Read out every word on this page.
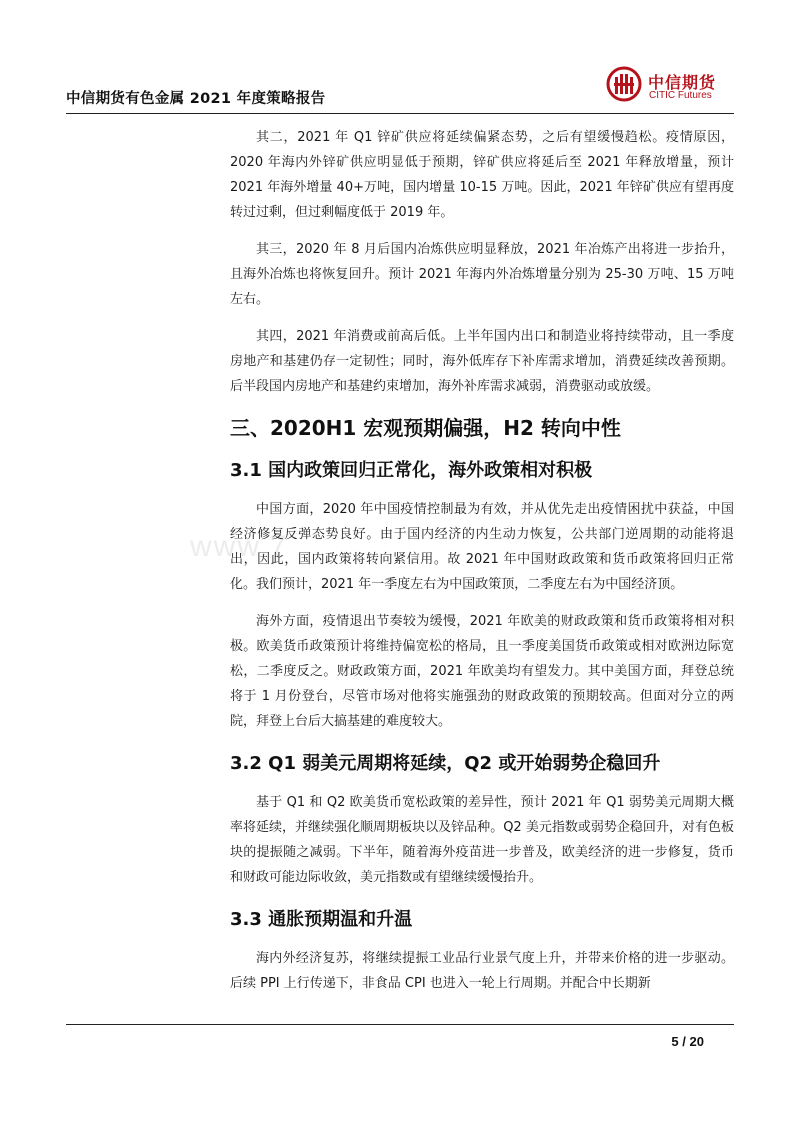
中信期货有色金属 2021 年度策略报告
中信期货
CITIC Futures
www.7

其二，2021 年 Q1 锌矿供应将延续偏紧态势，之后有望缓慢趋松。疫情原因，2020 年海内外锌矿供应明显低于预期，锌矿供应将延后至 2021 年释放增量，预计 2021 年海外增量 40+万吨，国内增量 10-15 万吨。因此，2021 年锌矿供应有望再度转过过剩，但过剩幅度低于 2019 年。

其三，2020 年 8 月后国内冶炼供应明显释放，2021 年冶炼产出将进一步抬升，且海外冶炼也将恢复回升。预计 2021 年海内外冶炼增量分别为 25-30 万吨、15 万吨左右。

其四，2021 年消费或前高后低。上半年国内出口和制造业将持续带动，且一季度房地产和基建仍存一定韧性；同时，海外低库存下补库需求增加，消费延续改善预期。后半段国内房地产和基建约束增加，海外补库需求减弱，消费驱动或放缓。

三、2020H1 宏观预期偏强，H2 转向中性
3.1 国内政策回归正常化，海外政策相对积极

中国方面，2020 年中国疫情控制最为有效，并从优先走出疫情困扰中获益，中国经济修复反弹态势良好。由于国内经济的内生动力恢复，公共部门逆周期的动能将退出，因此，国内政策将转向紧信用。故 2021 年中国财政政策和货币政策将回归正常化。我们预计，2021 年一季度左右为中国政策顶，二季度左右为中国经济顶。

海外方面，疫情退出节奏较为缓慢，2021 年欧美的财政政策和货币政策将相对积极。欧美货币政策预计将维持偏宽松的格局，且一季度美国货币政策或相对欧洲边际宽松，二季度反之。财政政策方面，2021 年欧美均有望发力。其中美国方面，拜登总统将于 1 月份登台，尽管市场对他将实施强劲的财政政策的预期较高。但面对分立的两院，拜登上台后大搞基建的难度较大。

3.2 Q1 弱美元周期将延续，Q2 或开始弱势企稳回升

基于 Q1 和 Q2 欧美货币宽松政策的差异性，预计 2021 年 Q1 弱势美元周期大概率将延续，并继续强化顺周期板块以及锌品种。Q2 美元指数或弱势企稳回升，对有色板块的提振随之减弱。下半年，随着海外疫苗进一步普及，欧美经济的进一步修复，货币和财政可能边际收敛，美元指数或有望继续缓慢抬升。

3.3 通胀预期温和升温

海内外经济复苏，将继续提振工业品行业景气度上升，并带来价格的进一步驱动。后续 PPI 上行传递下，非食品 CPI 也进入一轮上行周期。并配合中长期新

5 / 20
